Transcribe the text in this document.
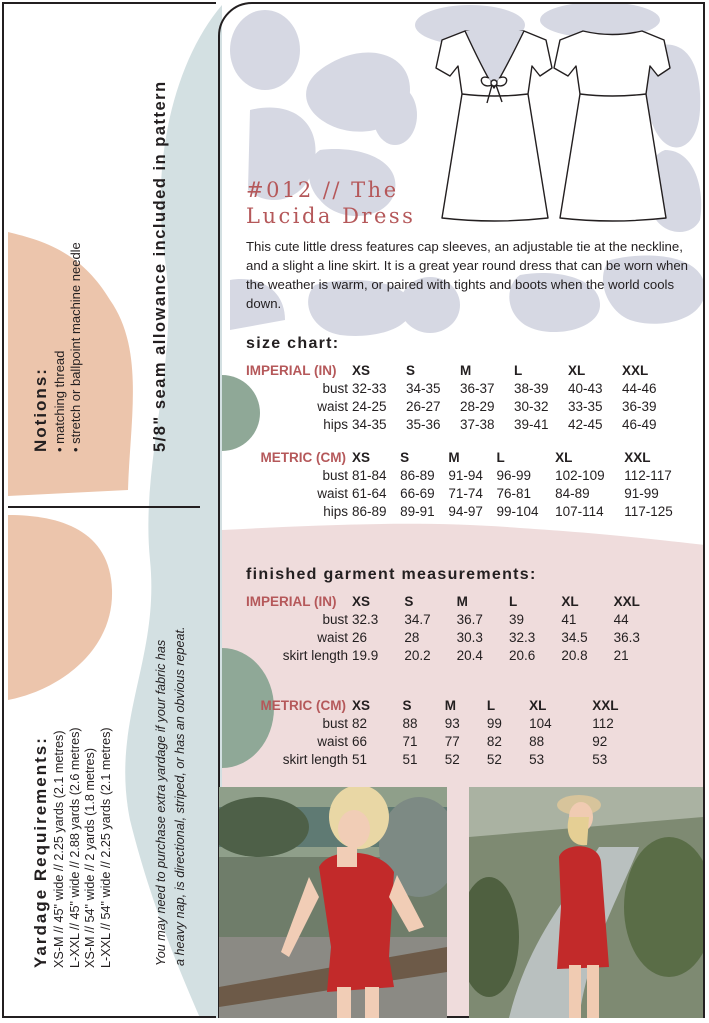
Notions: • matching thread
• stretch or ballpoint machine needle	5/8" seam allowance included in pattern
Yardage Requirements: XS-M // 45" wide // 2.25 yards (2.1 metres) L-XXL // 45" wide // 2.88 yards (2.6 metres) XS-M // 54" wide // 2 yards (1.8 metres) L-XXL // 54" wide // 2.25 yards (2.1 metres)	You may need to purchase extra yardage if your fabric has a heavy nap, is directional, striped, or has an obvious repeat.
#012 // The
Lucida Dress
This cute little dress features cap sleeves, an adjustable tie at the neckline, and a slight a line skirt. It is a great year round dress that can be worn when the weather is warm, or paired with tights and boots when the world cools down.
size chart:
IMPERIAL (IN)	XS	S	M	L	XL	XXL
bust	32-33	34-35	36-37	38-39	40-43	44-46
waist	24-25	26-27	28-29	30-32	33-35	36-39
hips	34-35	35-36	37-38	39-41	42-45	46-49
METRIC (CM)	XS	S	M	L	XL	XXL
bust	81-84	86-89	91-94	96-99	102-109	112-117
waist	61-64	66-69	71-74	76-81	84-89	91-99
hips	86-89	89-91	94-97	99-104	107-114	117-125
finished garment measurements:
IMPERIAL (IN)	XS	S	M	L	XL	XXL
bust	32.3	34.7	36.7	39	41	44
waist	26	28	30.3	32.3	34.5	36.3
skirt length	19.9	20.2	20.4	20.6	20.8	21
METRIC (CM)	XS	S	M	L	XL	XXL
bust	82	88	93	99	104	112
waist	66	71	77	82	88	92
skirt length	51	51	52	52	53	53
